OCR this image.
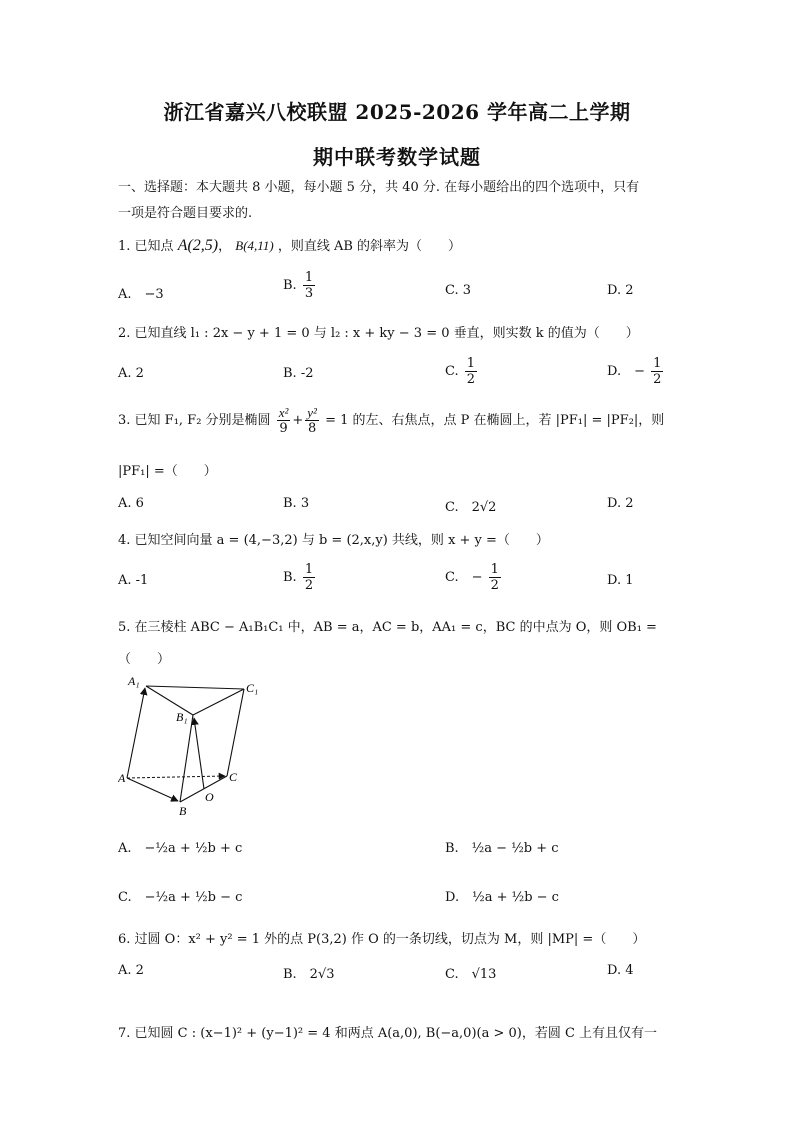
浙江省嘉兴八校联盟 2025-2026 学年高二上学期
期中联考数学试题
一、选择题：本大题共 8 小题，每小题 5 分，共 40 分. 在每小题给出的四个选项中，只有
一项是符合题目要求的.
1. 已知点 A(2,5)， B(4,11) ，则直线 AB 的斜率为（　　）
A.　−3
B. $\frac{1}{3}$	C. 3	D. 2
2. 已知直线 l₁ : 2x − y + 1 = 0 与 l₂ : x + ky − 3 = 0 垂直，则实数 k 的值为（　　）
A. 2	B. -2	C. $\frac{1}{2}$	D.　− $\frac{1}{2}$
3. 已知 F₁, F₂ 分别是椭圆 $\frac{\text{x²}}{9} + \frac{\text{y²}}{8} = 1$ 的左、右焦点，点 P 在椭圆上，若 |PF₁| = |PF₂|，则
|PF₁| =（　　）
A. 6	B. 3	C.　2√2	D. 2
4. 已知空间向量 a = (4,−3,2) 与 b = (2,x,y) 共线，则 x + y =（　　）
A. -1	B. $\frac{1}{2}$	C.　− $\frac{1}{2}$	D. 1
5. 在三棱柱 ABC − A₁B₁C₁ 中，AB = a，AC = b，AA₁ = c，BC 的中点为 O，则 OB₁ =
（　　）
A₁
B₁
C₁
A
B
C
O
A.　−½a + ½b + c	B.　½a − ½b + c
C.　−½a + ½b − c	D.　½a + ½b − c
6. 过圆 O：x² + y² = 1 外的点 P(3,2) 作 O 的一条切线，切点为 M，则 |MP| =（　　）
A. 2	B.　2√3	C.　√13	D. 4
7. 已知圆 C : (x−1)² + (y−1)² = 4 和两点 A(a,0), B(−a,0)(a > 0)，若圆 C 上有且仅有一
